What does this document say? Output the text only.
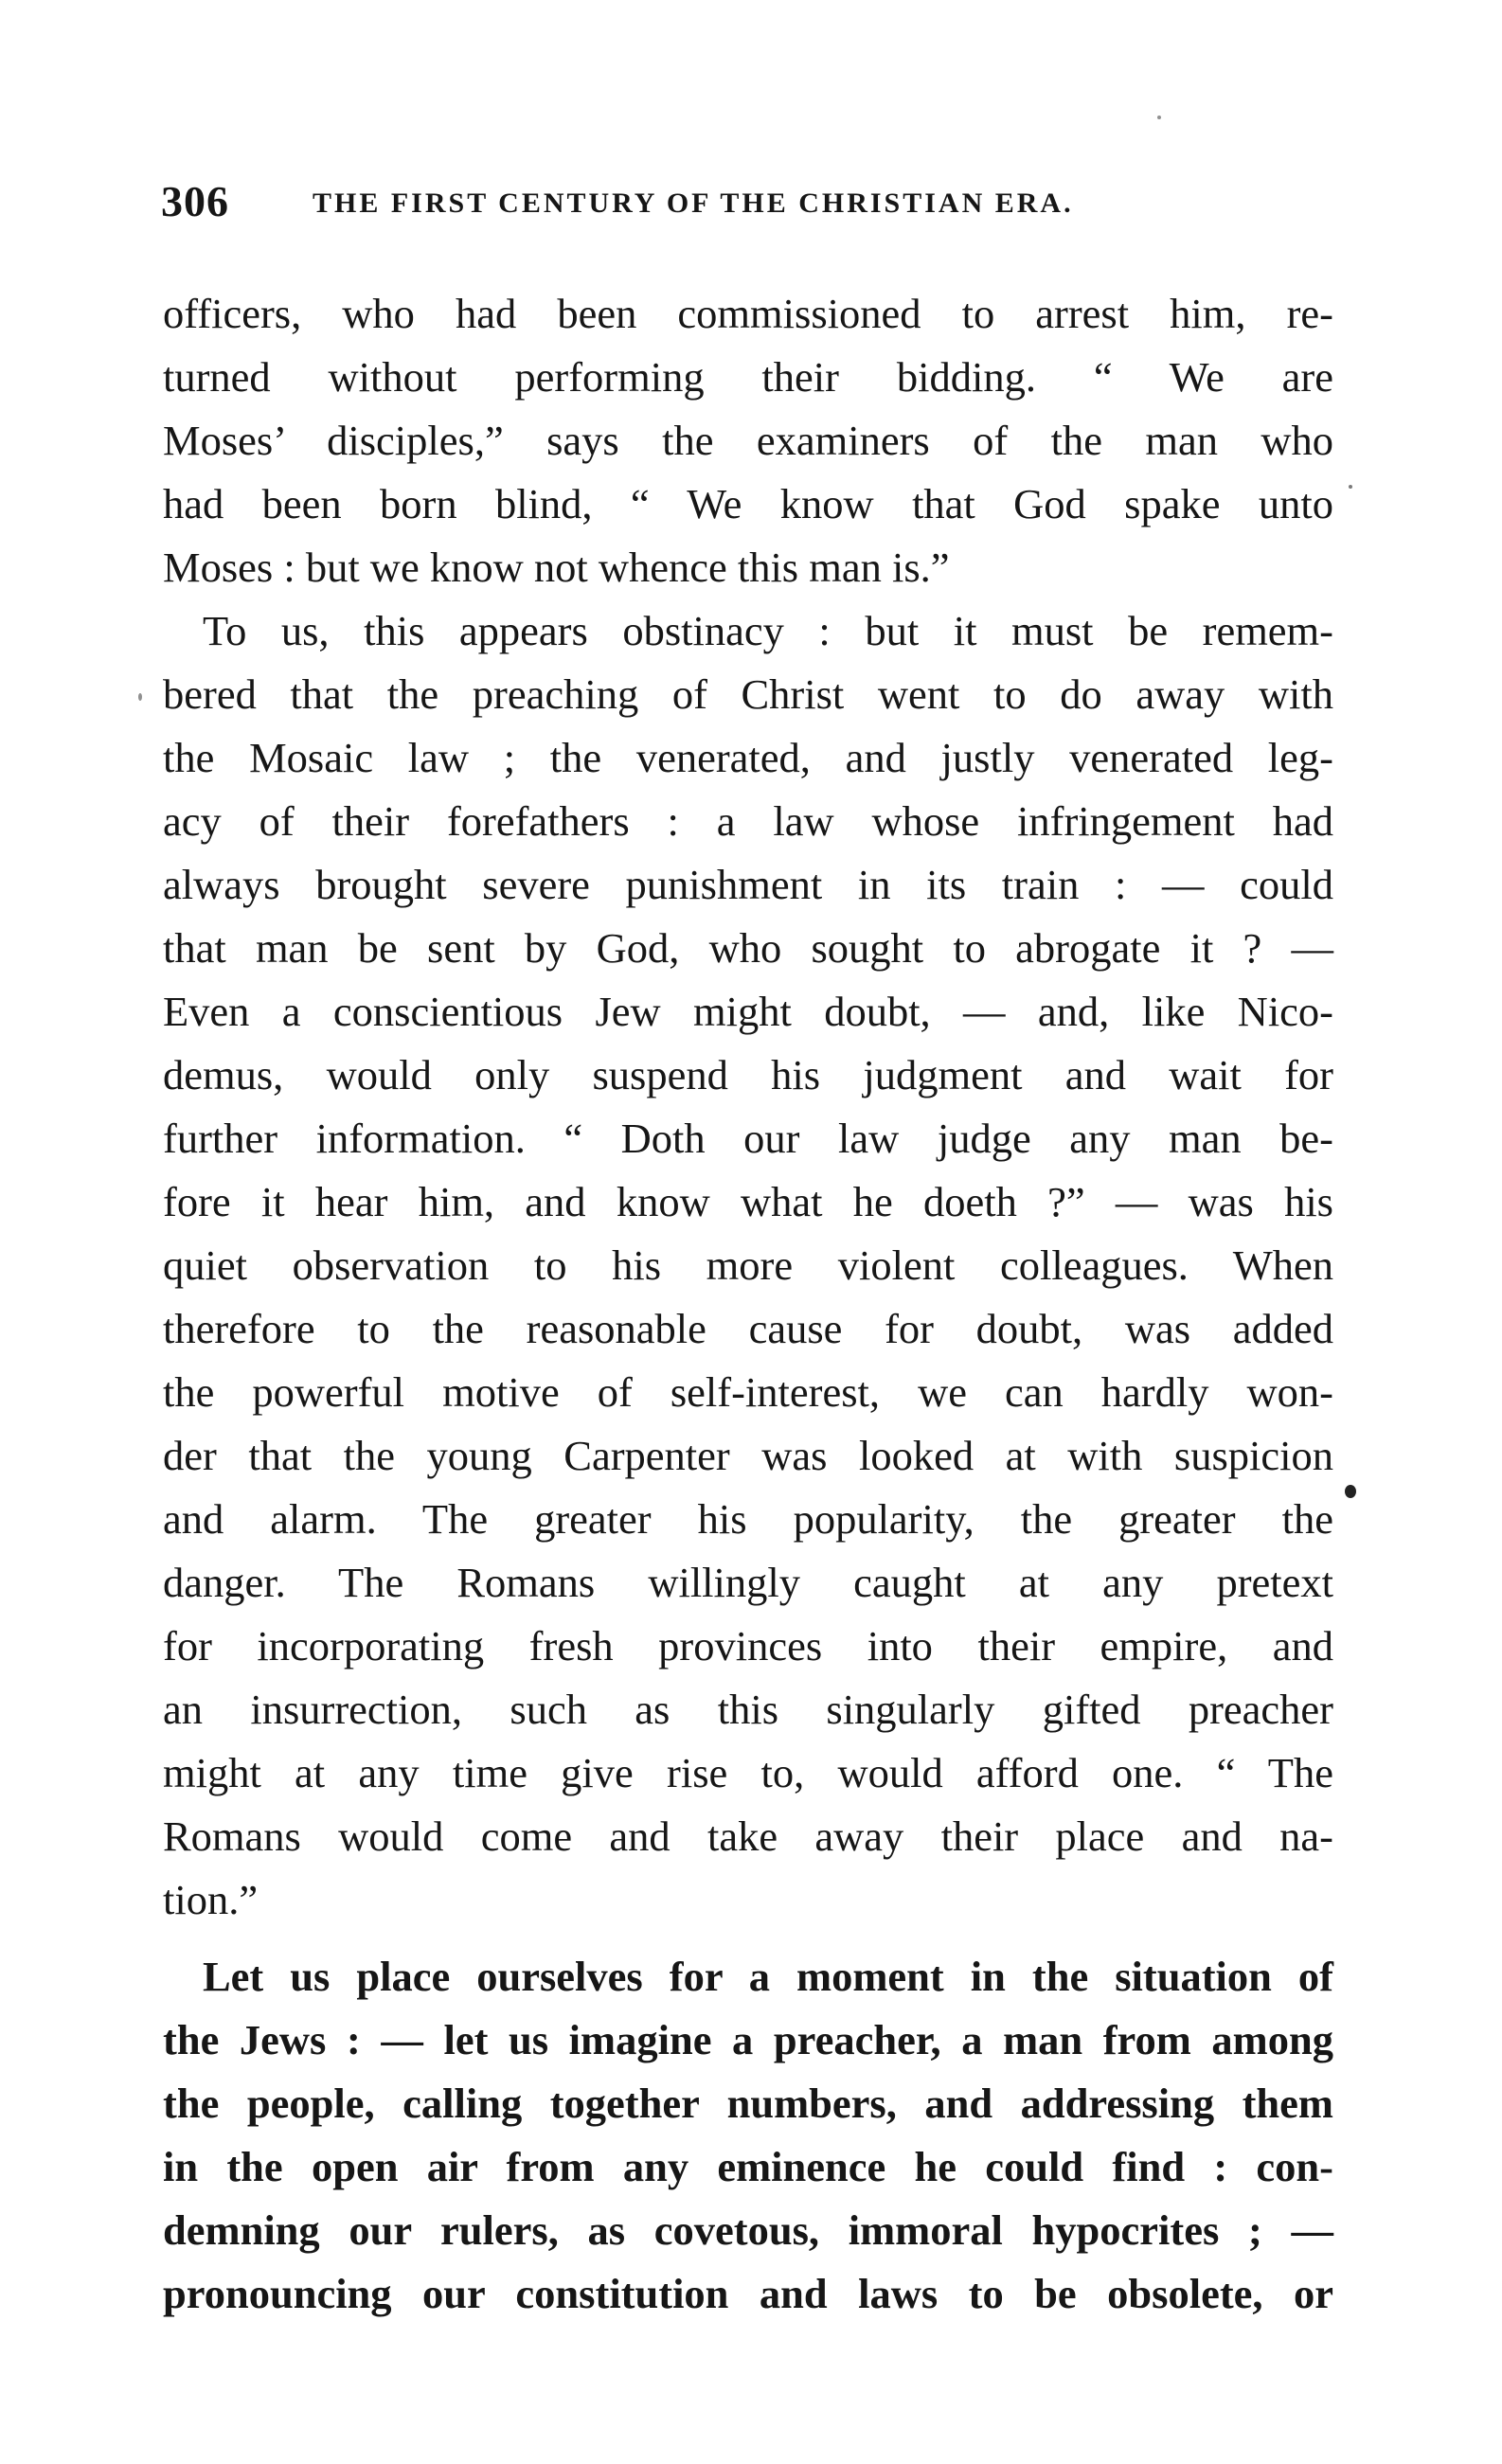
306	THE FIRST CENTURY OF THE CHRISTIAN ERA.
officers, who had been commissioned to arrest him, re-
turned without performing their bidding. “ We are
Moses’ disciples,” says the examiners of the man who
had been born blind, “ We know that God spake unto
Moses : but we know not whence this man is.”
To us, this appears obstinacy : but it must be remem-
bered that the preaching of Christ went to do away with
the Mosaic law ; the venerated, and justly venerated leg-
acy of their forefathers : a law whose infringement had
always brought severe punishment in its train : — could
that man be sent by God, who sought to abrogate it ? —
Even a conscientious Jew might doubt, — and, like Nico-
demus, would only suspend his judgment and wait for
further information. “ Doth our law judge any man be-
fore it hear him, and know what he doeth ?” — was his
quiet observation to his more violent colleagues. When
therefore to the reasonable cause for doubt, was added
the powerful motive of self-interest, we can hardly won-
der that the young Carpenter was looked at with suspicion
and alarm. The greater his popularity, the greater the
danger. The Romans willingly caught at any pretext
for incorporating fresh provinces into their empire, and
an insurrection, such as this singularly gifted preacher
might at any time give rise to, would afford one. “ The
Romans would come and take away their place and na-
tion.”
Let us place ourselves for a moment in the situation of
the Jews : — let us imagine a preacher, a man from among
the people, calling together numbers, and addressing them
in the open air from any eminence he could find : con-
demning our rulers, as covetous, immoral hypocrites ; —
pronouncing our constitution and laws to be obsolete, or
